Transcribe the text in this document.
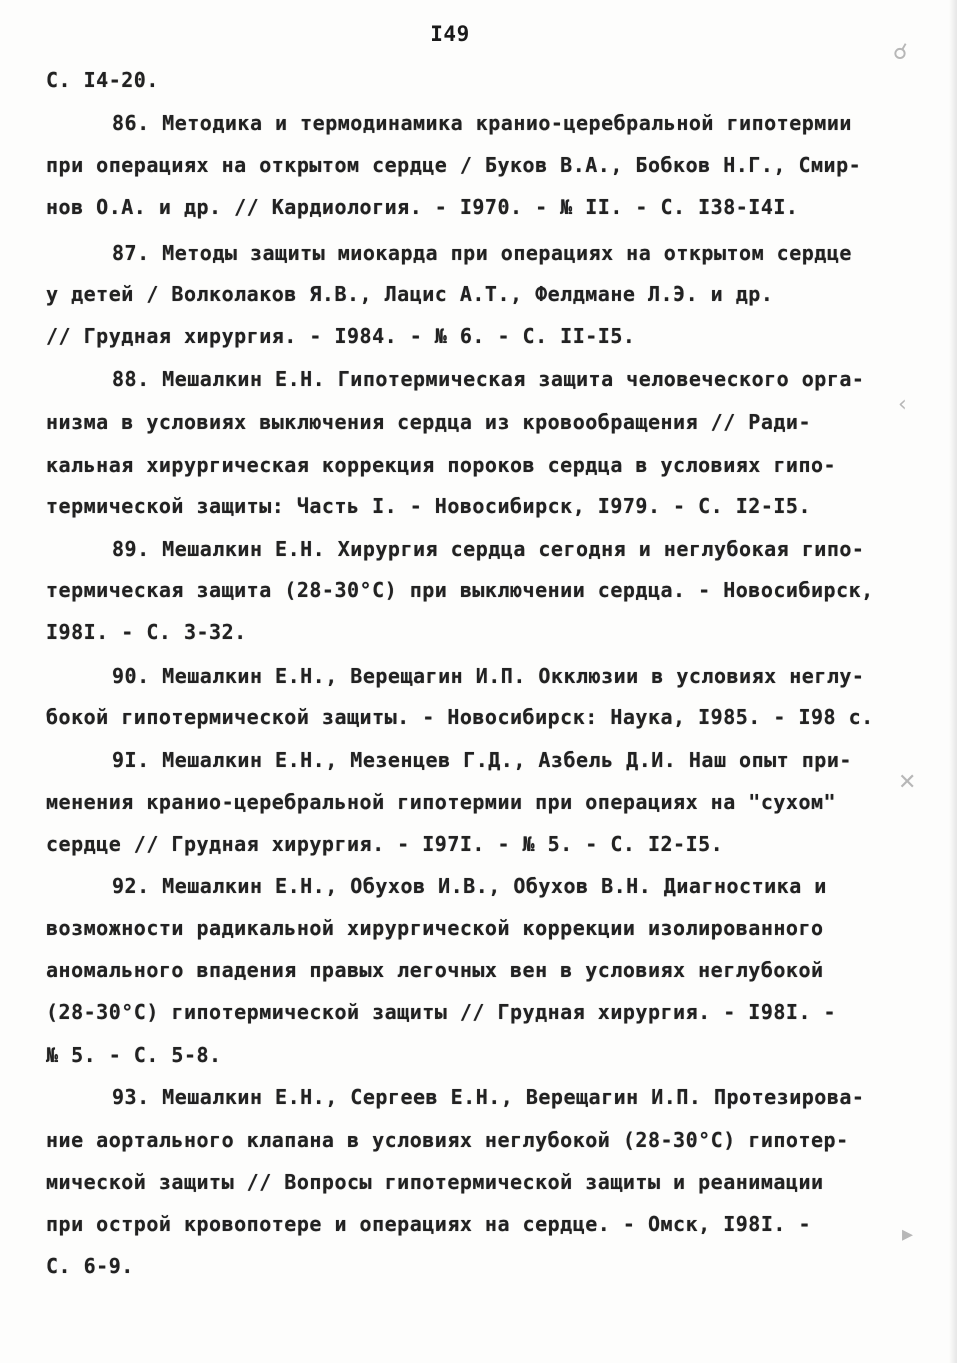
I49
С. I4-20.
86. Методика и термодинамика кранио-церебральной гипотермии
при операциях на открытом сердце / Буков В.А., Бобков Н.Г., Смир-
нов О.А. и др. // Кардиология. - I970. - № II. - С. I38-I4I.
87. Методы защиты миокарда при операциях на открытом сердце
у детей / Волколаков Я.В., Лацис А.Т., Фелдмане Л.Э. и др.
// Грудная хирургия. - I984. - № 6. - С. II-I5.
88. Мешалкин Е.Н. Гипотермическая защита человеческого орга-
низма в условиях выключения сердца из кровообращения // Ради-
кальная хирургическая коррекция пороков сердца в условиях гипо-
термической защиты: Часть I. - Новосибирск, I979. - С. I2-I5.
89. Мешалкин Е.Н. Хирургия сердца сегодня и неглубокая гипо-
термическая защита (28-30°С) при выключении сердца. - Новосибирск,
I98I. - С. 3-32.
90. Мешалкин Е.Н., Верещагин И.П. Окклюзии в условиях неглу-
бокой гипотермической защиты. - Новосибирск: Наука, I985. - I98 с.
9I. Мешалкин Е.Н., Мезенцев Г.Д., Азбель Д.И. Наш опыт при-
менения кранио-церебральной гипотермии при операциях на "сухом"
сердце // Грудная хирургия. - I97I. - № 5. - С. I2-I5.
92. Мешалкин Е.Н., Обухов И.В., Обухов В.Н. Диагностика и
возможности радикальной хирургической коррекции изолированного
аномального впадения правых легочных вен в условиях неглубокой
(28-30°С) гипотермической защиты // Грудная хирургия. - I98I. -
№ 5. - С. 5-8.
93. Мешалкин Е.Н., Сергеев Е.Н., Верещагин И.П. Протезирова-
ние аортального клапана в условиях неглубокой (28-30°С) гипотер-
мической защиты // Вопросы гипотермической защиты и реанимации
при острой кровопотере и операциях на сердце. - Омск, I98I. -
С. 6-9.
☌
‹
✕
▸
